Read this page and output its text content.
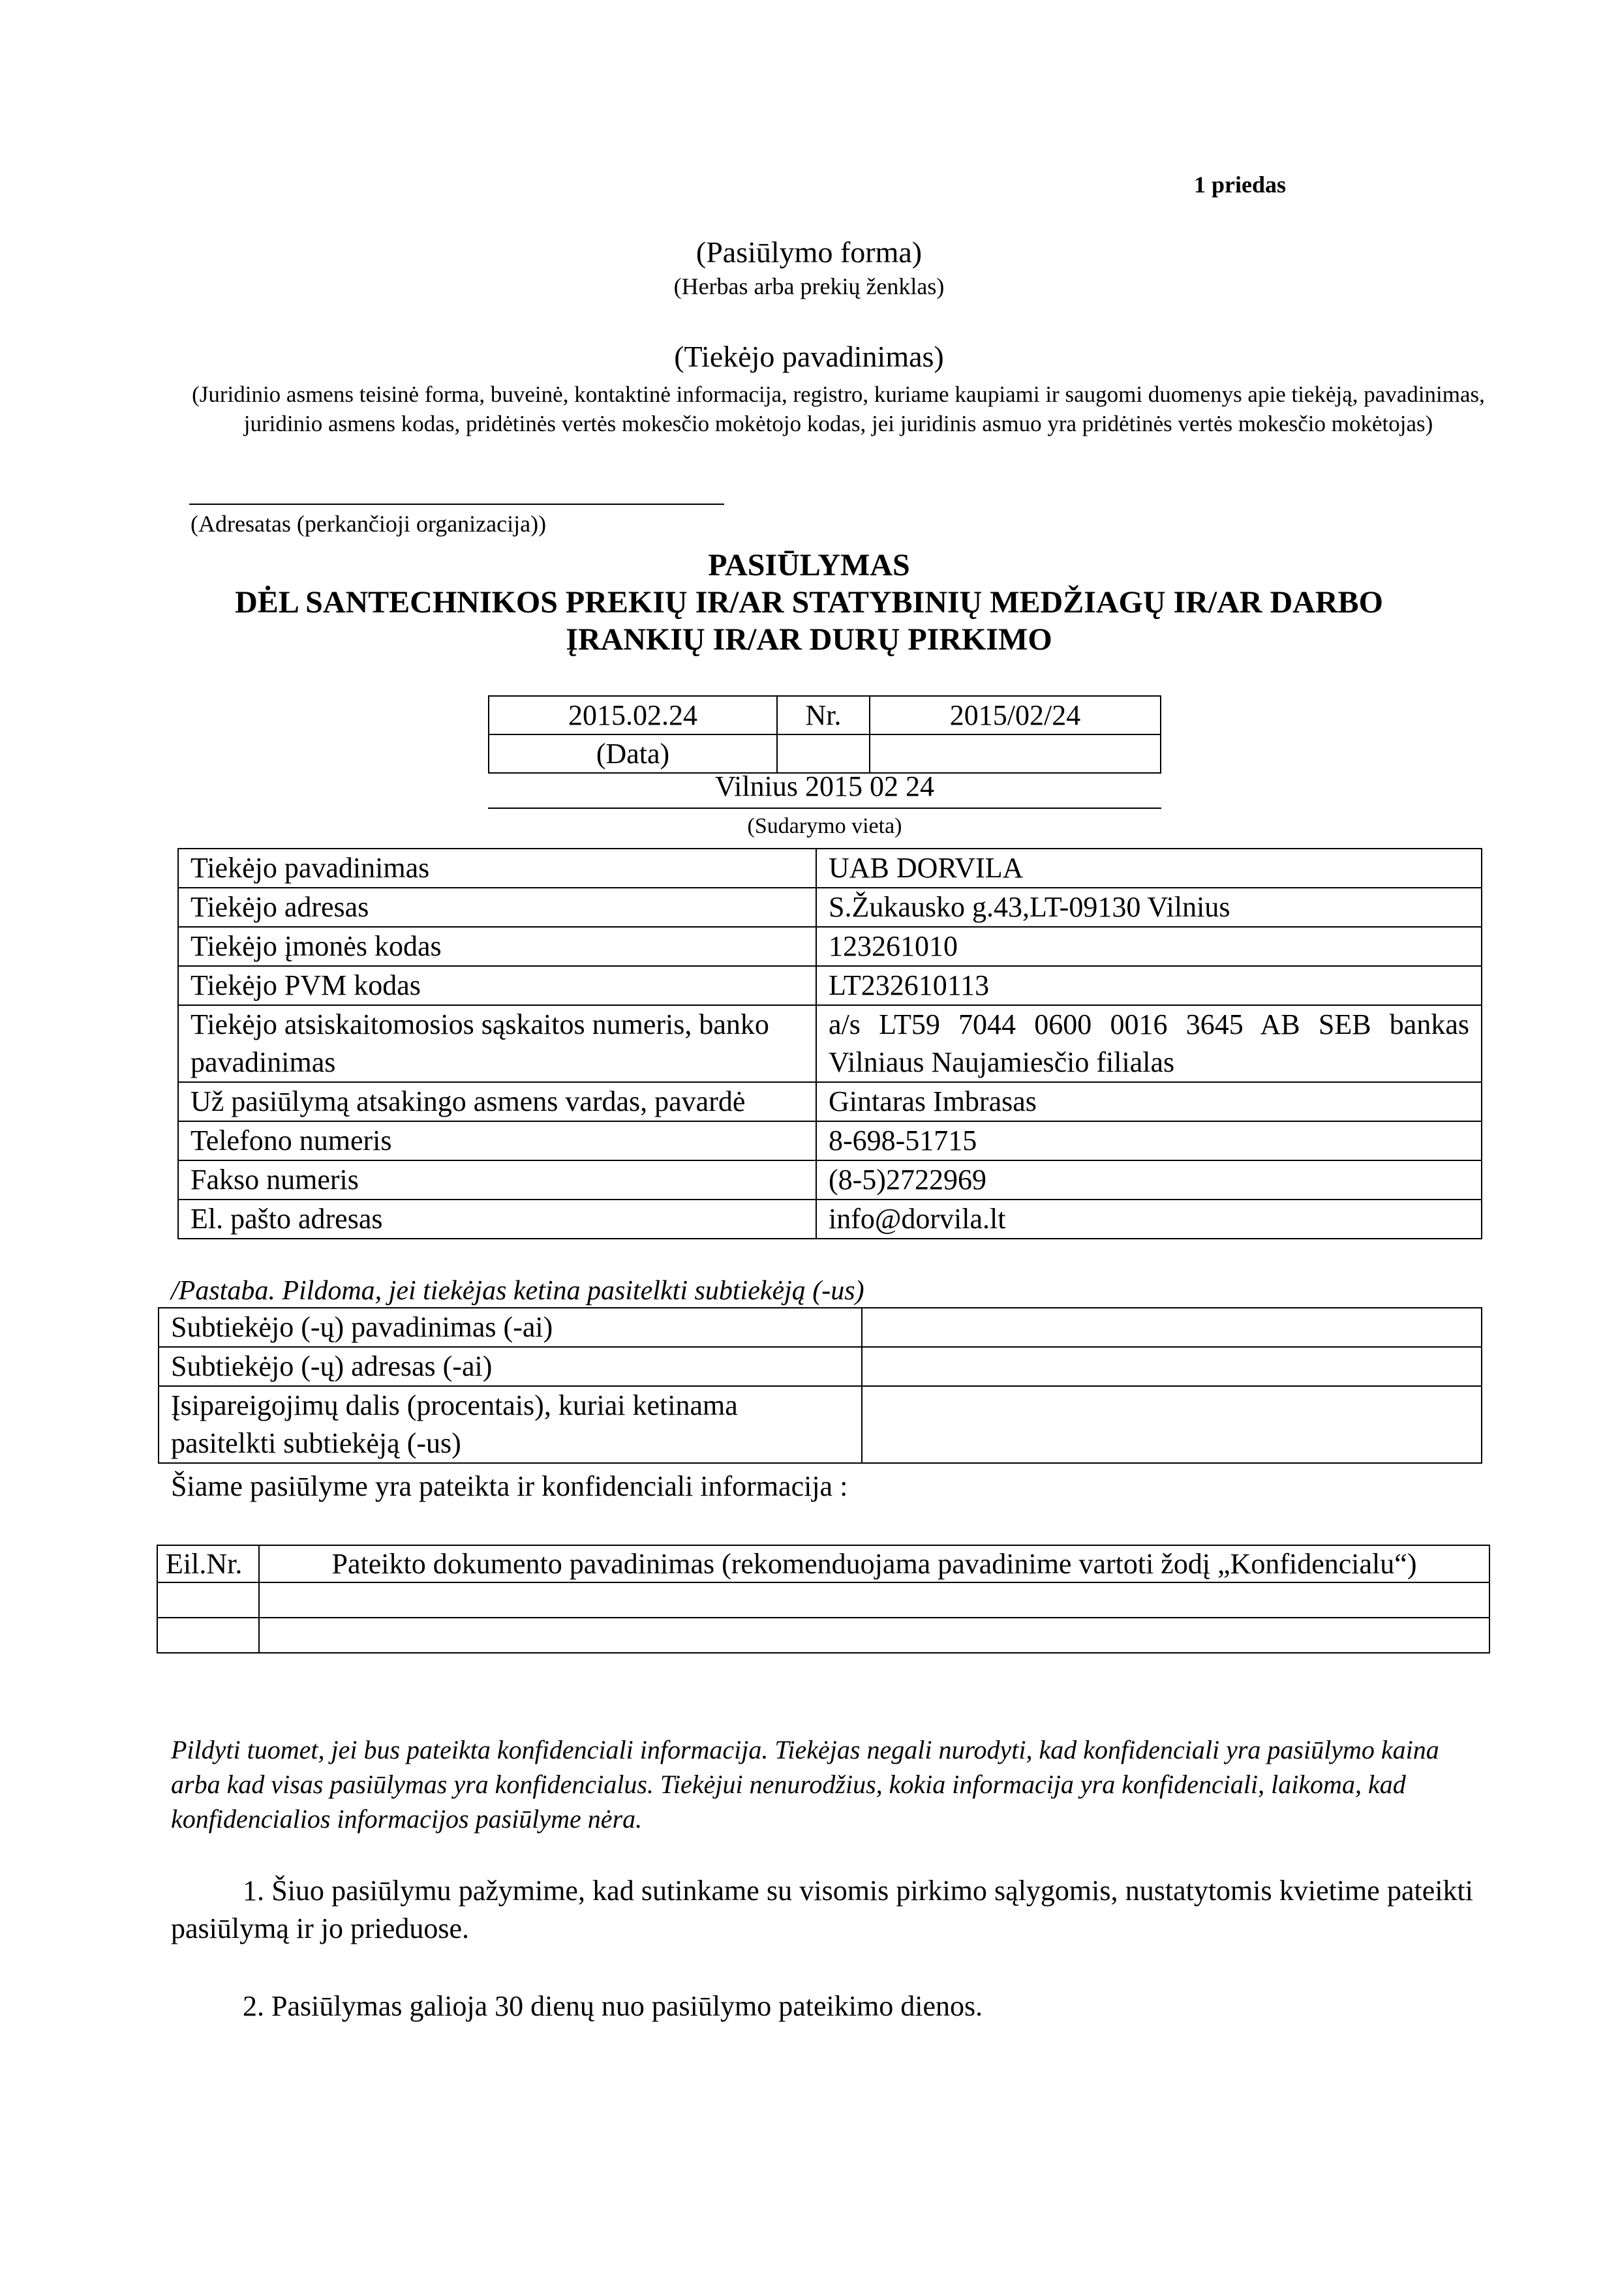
1 priedas
(Pasiūlymo forma)
(Herbas arba prekių ženklas)
(Tiekėjo pavadinimas)
(Juridinio asmens teisinė forma, buveinė, kontaktinė informacija, registro, kuriame kaupiami ir saugomi duomenys apie tiekėją, pavadinimas, juridinio asmens kodas, pridėtinės vertės mokesčio mokėtojo kodas, jei juridinis asmuo yra pridėtinės vertės mokesčio mokėtojas)
(Adresatas (perkančioji organizacija))
PASIŪLYMAS
DĖL SANTECHNIKOS PREKIŲ IR/AR STATYBINIŲ MEDŽIAGŲ IR/AR DARBO
ĮRANKIŲ IR/AR DURŲ PIRKIMO
2015.02.24	Nr.	2015/02/24
(Data)		
Vilnius 2015 02 24
(Sudarymo vieta)
Tiekėjo pavadinimas	UAB DORVILA
Tiekėjo adresas	S.Žukausko g.43,LT-09130 Vilnius
Tiekėjo įmonės kodas	123261010
Tiekėjo PVM kodas	LT232610113
Tiekėjo atsiskaitomosios sąskaitos numeris, banko pavadinimas	a/s LT59 7044 0600 0016 3645 AB SEB bankas Vilniaus Naujamiesčio filialas
Už pasiūlymą atsakingo asmens vardas, pavardė	Gintaras Imbrasas
Telefono numeris	8-698-51715
Fakso numeris	(8-5)2722969
El. pašto adresas	info@dorvila.lt
/Pastaba. Pildoma, jei tiekėjas ketina pasitelkti subtiekėją (-us)
Subtiekėjo (-ų) pavadinimas (-ai)	
Subtiekėjo (-ų) adresas (-ai)	
Įsipareigojimų dalis (procentais), kuriai ketinama pasitelkti subtiekėją (-us)	
Šiame pasiūlyme yra pateikta ir konfidenciali informacija :
Eil.Nr.	Pateikto dokumento pavadinimas (rekomenduojama pavadinime vartoti žodį „Konfidencialu“)

Pildyti tuomet, jei bus pateikta konfidenciali informacija. Tiekėjas negali nurodyti, kad konfidenciali yra pasiūlymo kaina arba kad visas pasiūlymas yra konfidencialus. Tiekėjui nenurodžius, kokia informacija yra konfidenciali, laikoma, kad konfidencialios informacijos pasiūlyme nėra.
1. Šiuo pasiūlymu pažymime, kad sutinkame su visomis pirkimo sąlygomis, nustatytomis kvietime pateikti pasiūlymą ir jo prieduose.
2. Pasiūlymas galioja 30 dienų nuo pasiūlymo pateikimo dienos.
